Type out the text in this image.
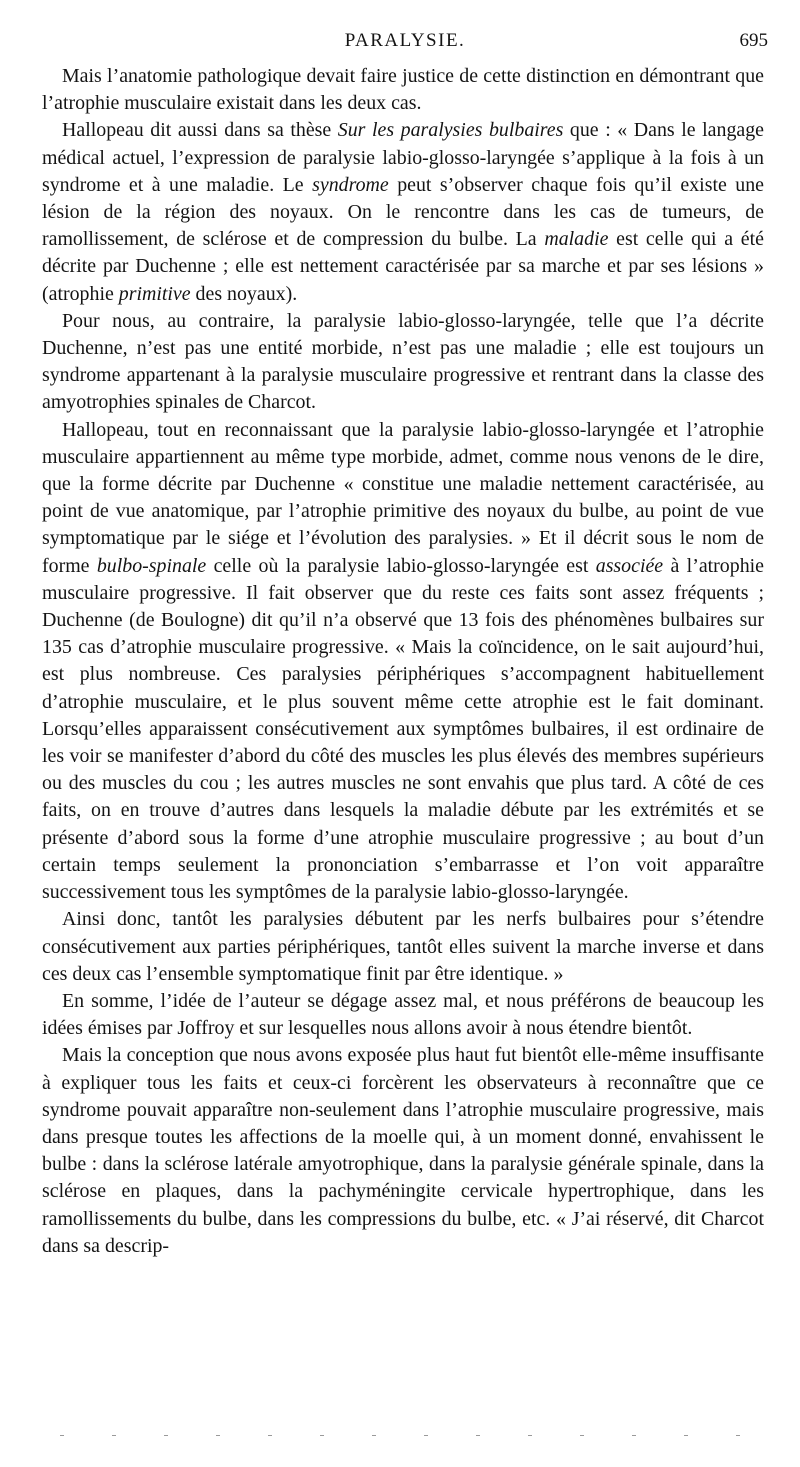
PARALYSIE.	695

Mais l’anatomie pathologique devait faire justice de cette distinction en démontrant que l’atrophie musculaire existait dans les deux cas.

Hallopeau dit aussi dans sa thèse Sur les paralysies bulbaires que : « Dans le langage médical actuel, l’expression de paralysie labio-glosso-laryngée s’applique à la fois à un syndrome et à une maladie. Le syndrome peut s’observer chaque fois qu’il existe une lésion de la région des noyaux. On le rencontre dans les cas de tumeurs, de ramollissement, de sclérose et de compression du bulbe. La maladie est celle qui a été décrite par Duchenne ; elle est nettement caractérisée par sa marche et par ses lésions » (atrophie primitive des noyaux).

Pour nous, au contraire, la paralysie labio-glosso-laryngée, telle que l’a décrite Duchenne, n’est pas une entité morbide, n’est pas une maladie ; elle est toujours un syndrome appartenant à la paralysie musculaire progressive et rentrant dans la classe des amyotrophies spinales de Charcot.

Hallopeau, tout en reconnaissant que la paralysie labio-glosso-laryngée et l’atrophie musculaire appartiennent au même type morbide, admet, comme nous venons de le dire, que la forme décrite par Duchenne « constitue une maladie nettement caractérisée, au point de vue anatomique, par l’atrophie primitive des noyaux du bulbe, au point de vue symptomatique par le siége et l’évolution des paralysies. » Et il décrit sous le nom de forme bulbo-spinale celle où la paralysie labio-glosso-laryngée est associée à l’atrophie musculaire progressive. Il fait observer que du reste ces faits sont assez fréquents ; Duchenne (de Boulogne) dit qu’il n’a observé que 13 fois des phénomènes bulbaires sur 135 cas d’atrophie musculaire progressive. « Mais la coïncidence, on le sait aujourd’hui, est plus nombreuse. Ces paralysies périphériques s’accompagnent habituellement d’atrophie musculaire, et le plus souvent même cette atrophie est le fait dominant. Lorsqu’elles apparaissent consécutivement aux symptômes bulbaires, il est ordinaire de les voir se manifester d’abord du côté des muscles les plus élevés des membres supérieurs ou des muscles du cou ; les autres muscles ne sont envahis que plus tard. A côté de ces faits, on en trouve d’autres dans lesquels la maladie débute par les extrémités et se présente d’abord sous la forme d’une atrophie musculaire progressive ; au bout d’un certain temps seulement la prononciation s’embarrasse et l’on voit apparaître successivement tous les symptômes de la paralysie labio-glosso-laryngée.

Ainsi donc, tantôt les paralysies débutent par les nerfs bulbaires pour s’étendre consécutivement aux parties périphériques, tantôt elles suivent la marche inverse et dans ces deux cas l’ensemble symptomatique finit par être identique. »

En somme, l’idée de l’auteur se dégage assez mal, et nous préférons de beaucoup les idées émises par Joffroy et sur lesquelles nous allons avoir à nous étendre bientôt.

Mais la conception que nous avons exposée plus haut fut bientôt elle-même insuffisante à expliquer tous les faits et ceux-ci forcèrent les observateurs à reconnaître que ce syndrome pouvait apparaître non-seulement dans l’atrophie musculaire progressive, mais dans presque toutes les affections de la moelle qui, à un moment donné, envahissent le bulbe : dans la sclérose latérale amyotrophique, dans la paralysie générale spinale, dans la sclérose en plaques, dans la pachyméningite cervicale hypertrophique, dans les ramollissements du bulbe, dans les compressions du bulbe, etc. « J’ai réservé, dit Charcot dans sa descrip-
